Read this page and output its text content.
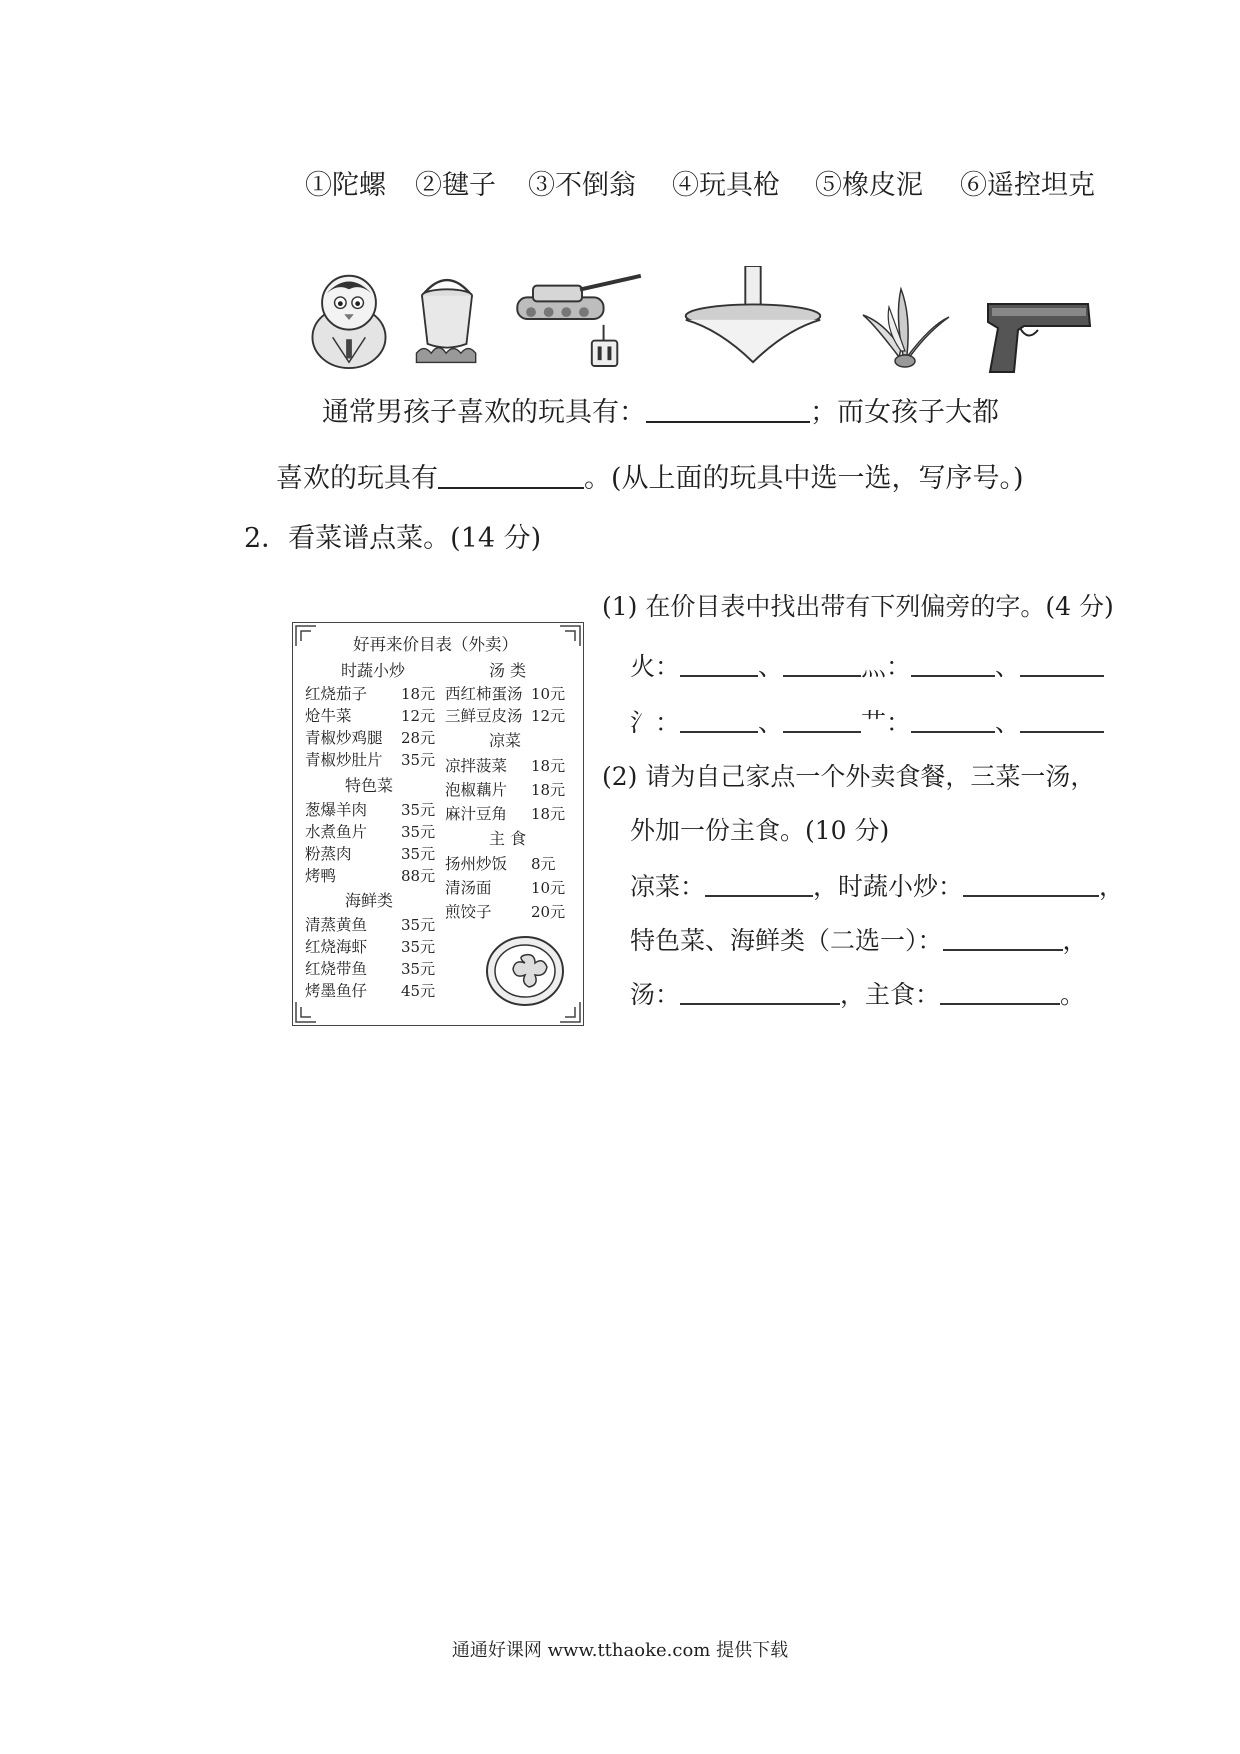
①陀螺 ②毽子 ③不倒翁 ④玩具枪 ⑤橡皮泥 ⑥遥控坦克
通常男孩子喜欢的玩具有：	；而女孩子大都
喜欢的玩具有	。(从上面的玩具中选一选，写序号。)
2．看菜谱点菜。(14 分)
好再来价目表（外卖）
时蔬小炒
红烧茄子 18元
炝牛菜	12元
青椒炒鸡腿 28元
青椒炒肚片 35元
特色菜
葱爆羊肉 35元
水煮鱼片 35元
粉蒸肉	35元
烤鸭	88元
海鲜类
清蒸黄鱼 35元
红烧海虾 35元
红烧带鱼 35元
烤墨鱼仔 45元
汤 类
西红柿蛋汤 10元
三鲜豆皮汤 12元
凉菜
凉拌菠菜 18元
泡椒藕片 18元
麻汁豆角 18元
主 食
扬州炒饭 8元
清汤面	10元
煎饺子	20元
(1) 在价目表中找出带有下列偏旁的字。(4 分)
火：	、	灬：	、
氵：	、	艹：	、
(2) 请为自己家点一个外卖食餐，三菜一汤，
外加一份主食。(10 分)
凉菜：	，时蔬小炒：	，
特色菜、海鲜类（二选一）：	，
汤：	，主食：	。
通通好课网 www.tthaoke.com 提供下载
